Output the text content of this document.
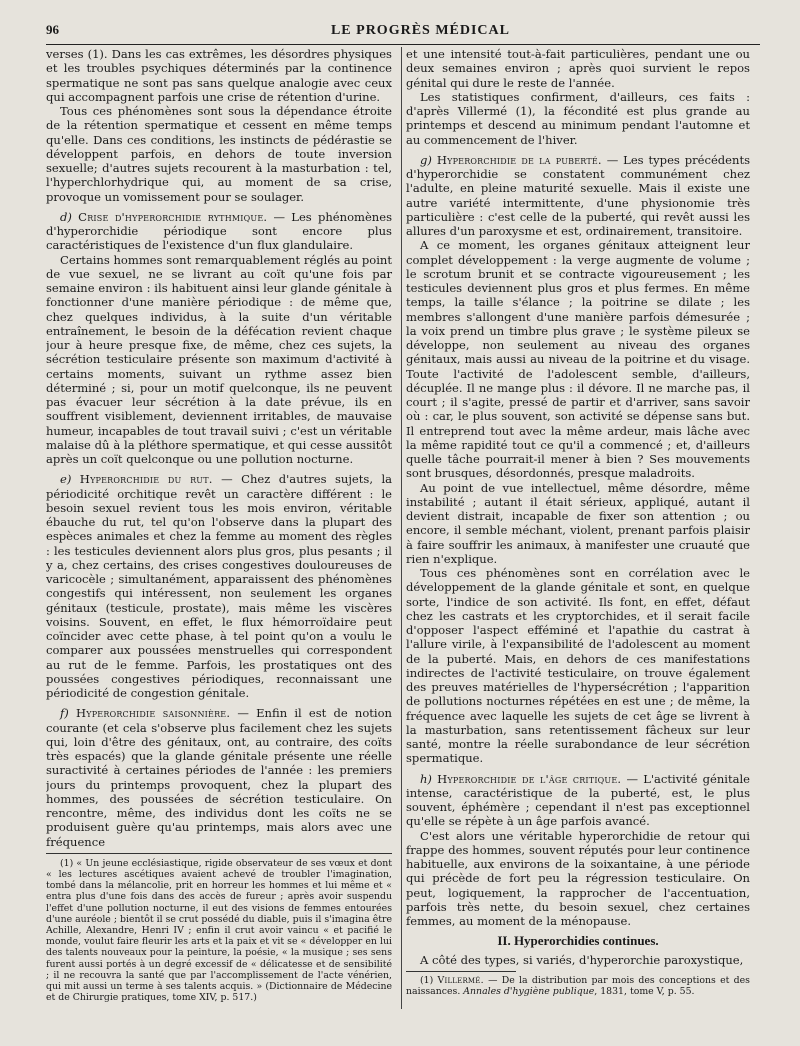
96	LE PROGRÈS MÉDICAL

verses (1). Dans les cas extrêmes, les désordres physiques et les troubles psychiques déterminés par la continence spermatique ne sont pas sans quelque analogie avec ceux qui accompagnent parfois une crise de rétention d'urine.

Tous ces phénomènes sont sous la dépendance étroite de la rétention spermatique et cessent en même temps qu'elle. Dans ces conditions, les instincts de pédérastie se développent parfois, en dehors de toute inversion sexuelle; d'autres sujets recourent à la masturbation : tel, l'hyperchlorhydrique qui, au moment de sa crise, provoque un vomissement pour se soulager.

d) Crise d'hyperorchidie rythmique. — Les phénomènes d'hyperorchidie périodique sont encore plus caractéristiques de l'existence d'un flux glandulaire.

Certains hommes sont remarquablement réglés au point de vue sexuel, ne se livrant au coït qu'une fois par semaine environ : ils habituent ainsi leur glande génitale à fonctionner d'une manière périodique : de même que, chez quelques individus, à la suite d'un véritable entraînement, le besoin de la défécation revient chaque jour à heure presque fixe, de même, chez ces sujets, la sécrétion testiculaire présente son maximum d'activité à certains moments, suivant un rythme assez bien déterminé ; si, pour un motif quelconque, ils ne peuvent pas évacuer leur sécrétion à la date prévue, ils en souffrent visiblement, deviennent irritables, de mauvaise humeur, incapables de tout travail suivi ; c'est un véritable malaise dû à la pléthore spermatique, et qui cesse aussitôt après un coït quelconque ou une pollution nocturne.

e) Hyperorchidie du rut. — Chez d'autres sujets, la périodicité orchitique revêt un caractère différent : le besoin sexuel revient tous les mois environ, véritable ébauche du rut, tel qu'on l'observe dans la plupart des espèces animales et chez la femme au moment des règles : les testicules deviennent alors plus gros, plus pesants ; il y a, chez certains, des crises congestives douloureuses de varicocèle ; simultanément, apparaissent des phénomènes congestifs qui intéressent, non seulement les organes génitaux (testicule, prostate), mais même les viscères voisins. Souvent, en effet, le flux hémorroïdaire peut coïncider avec cette phase, à tel point qu'on a voulu le comparer aux poussées menstruelles qui correspondent au rut de le femme. Parfois, les prostatiques ont des poussées congestives périodiques, reconnaissant une périodicité de congestion génitale.

f) Hyperorchidie saisonnière. — Enfin il est de notion courante (et cela s'observe plus facilement chez les sujets qui, loin d'être des génitaux, ont, au contraire, des coïts très espacés) que la glande génitale présente une réelle suractivité à certaines périodes de l'année : les premiers jours du printemps provoquent, chez la plupart des hommes, des poussées de sécrétion testiculaire. On rencontre, même, des individus dont les coïts ne se produisent guère qu'au printemps, mais alors avec une fréquence

(1) « Un jeune ecclésiastique, rigide observateur de ses vœux et dont « les lectures ascétiques avaient achevé de troubler l'imagination, tombé dans la mélancolie, prit en horreur les hommes et lui même et « entra plus d'une fois dans des accès de fureur ; après avoir suspendu l'effet d'une pollution nocturne, il eut des visions de femmes entourées d'une auréole ; bientôt il se crut possédé du diable, puis il s'imagina être Achille, Alexandre, Henri IV ; enfin il crut avoir vaincu « et pacifié le monde, voulut faire fleurir les arts et la paix et vit se « développer en lui des talents nouveaux pour la peinture, la poésie, « la musique ; ses sens furent aussi portés à un degré excessif de « délicatesse et de sensibilité ; il ne recouvra la santé que par l'accomplissement de l'acte vénérien, qui mit aussi un terme à ses talents acquis. » (Dictionnaire de Médecine et de Chirurgie pratiques, tome XIV, p. 517.)

et une intensité tout-à-fait particulières, pendant une ou deux semaines environ ; après quoi survient le repos génital qui dure le reste de l'année.

Les statistiques confirment, d'ailleurs, ces faits : d'après Villermé (1), la fécondité est plus grande au printemps et descend au minimum pendant l'automne et au commencement de l'hiver.

g) Hyperorchidie de la puberté. — Les types précédents d'hyperorchidie se constatent communément chez l'adulte, en pleine maturité sexuelle. Mais il existe une autre variété intermittente, d'une physionomie très particulière : c'est celle de la puberté, qui revêt aussi les allures d'un paroxysme et est, ordinairement, transitoire.

A ce moment, les organes génitaux atteignent leur complet développement : la verge augmente de volume ; le scrotum brunit et se contracte vigoureusement ; les testicules deviennent plus gros et plus fermes. En même temps, la taille s'élance ; la poitrine se dilate ; les membres s'allongent d'une manière parfois démesurée ; la voix prend un timbre plus grave ; le système pileux se développe, non seulement au niveau des organes génitaux, mais aussi au niveau de la poitrine et du visage. Toute l'activité de l'adolescent semble, d'ailleurs, décuplée. Il ne mange plus : il dévore. Il ne marche pas, il court ; il s'agite, pressé de partir et d'arriver, sans savoir où : car, le plus souvent, son activité se dépense sans but. Il entreprend tout avec la même ardeur, mais lâche avec la même rapidité tout ce qu'il a commencé ; et, d'ailleurs quelle tâche pourrait-il mener à bien ? Ses mouvements sont brusques, désordonnés, presque maladroits.

Au point de vue intellectuel, même désordre, même instabilité ; autant il était sérieux, appliqué, autant il devient distrait, incapable de fixer son attention ; ou encore, il semble méchant, violent, prenant parfois plaisir à faire souffrir les animaux, à manifester une cruauté que rien n'explique.

Tous ces phénomènes sont en corrélation avec le développement de la glande génitale et sont, en quelque sorte, l'indice de son activité. Ils font, en effet, défaut chez les castrats et les cryptorchides, et il serait facile d'opposer l'aspect efféminé et l'apathie du castrat à l'allure virile, à l'expansibilité de l'adolescent au moment de la puberté. Mais, en dehors de ces manifestations indirectes de l'activité testiculaire, on trouve également des preuves matérielles de l'hypersécrétion ; l'apparition de pollutions nocturnes répétées en est une ; de même, la fréquence avec laquelle les sujets de cet âge se livrent à la masturbation, sans retentissement fâcheux sur leur santé, montre la réelle surabondance de leur sécrétion spermatique.

h) Hyperorchidie de l'âge critique. — L'activité génitale intense, caractéristique de la puberté, est, le plus souvent, éphémère ; cependant il n'est pas exceptionnel qu'elle se répète à un âge parfois avancé.

C'est alors une véritable hyperorchidie de retour qui frappe des hommes, souvent réputés pour leur continence habituelle, aux environs de la soixantaine, à une période qui précède de fort peu la régression testiculaire. On peut, logiquement, la rapprocher de l'accentuation, parfois très nette, du besoin sexuel, chez certaines femmes, au moment de la ménopause.

II. Hyperorchidies continues.

A côté des types, si variés, d'hyperorchie paroxystique,

(1) Villermé. — De la distribution par mois des conceptions et des naissances. Annales d'hygiène publique, 1831, tome V, p. 55.
